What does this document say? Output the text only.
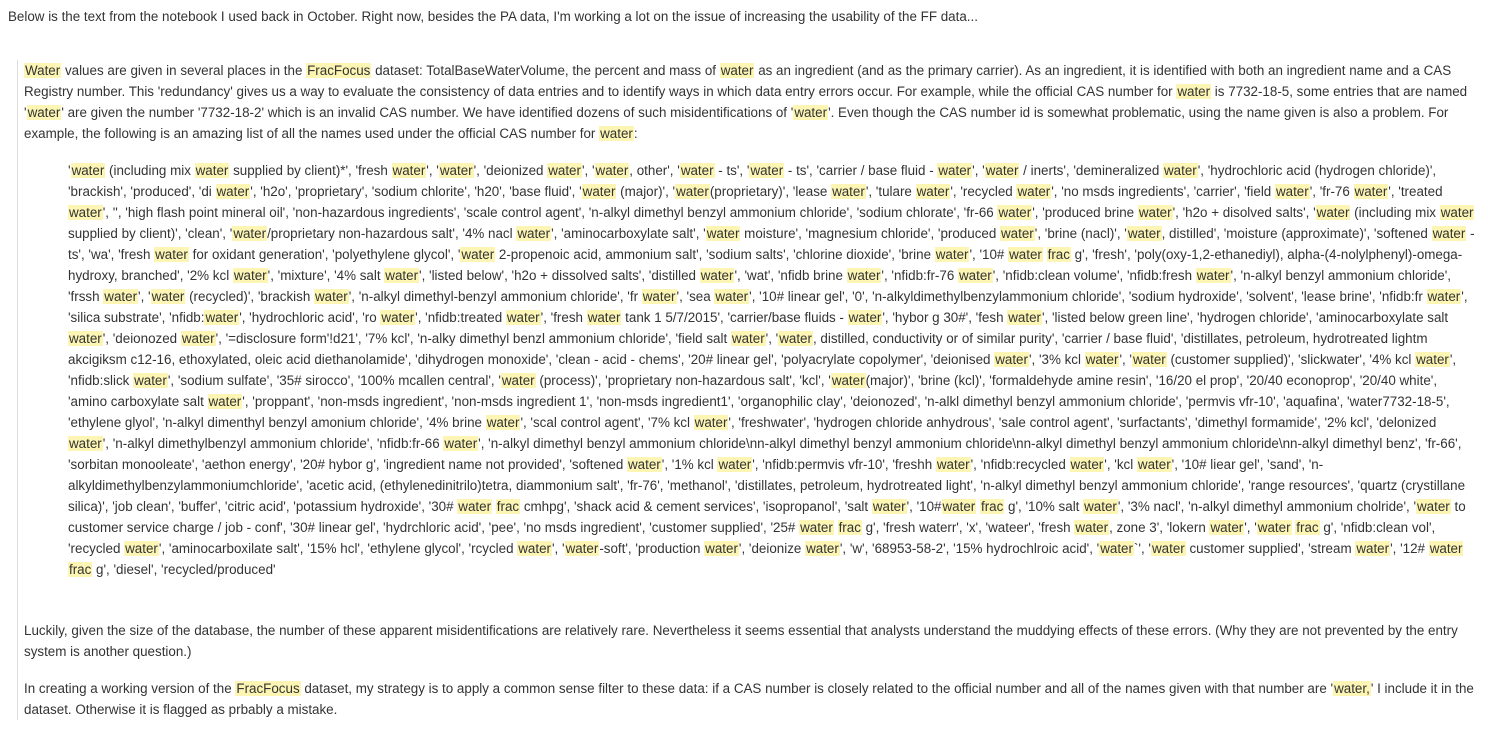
Below is the text from the notebook I used back in October. Right now, besides the PA data, I'm working a lot on the issue of increasing the usability of the FF data...

Water values are given in several places in the FracFocus dataset: TotalBaseWaterVolume, the percent and mass of water as an ingredient (and as the primary carrier). As an ingredient, it is identified with both an ingredient name and a CAS Registry number. This 'redundancy' gives us a way to evaluate the consistency of data entries and to identify ways in which data entry errors occur. For example, while the official CAS number for water is 7732-18-5, some entries that are named 'water' are given the number '7732-18-2' which is an invalid CAS number. We have identified dozens of such misidentifications of 'water'. Even though the CAS number id is somewhat problematic, using the name given is also a problem. For example, the following is an amazing list of all the names used under the official CAS number for water:

'water (including mix water supplied by client)*', 'fresh water', 'water', 'deionized water', 'water, other', 'water - ts', 'water - ts', 'carrier / base fluid - water', 'water / inerts', 'demineralized water', 'hydrochloric acid (hydrogen chloride)', 'brackish', 'produced', 'di water', 'h2o', 'proprietary', 'sodium chlorite', 'h20', 'base fluid', 'water (major)', 'water(proprietary)', 'lease water', 'tulare water', 'recycled water', 'no msds ingredients', 'carrier', 'field water', 'fr-76 water', 'treated water', '', 'high flash point mineral oil', 'non-hazardous ingredients', 'scale control agent', 'n-alkyl dimethyl benzyl ammonium chloride', 'sodium chlorate', 'fr-66 water', 'produced brine water', 'h2o + disolved salts', 'water (including mix water supplied by client)', 'clean', 'water/proprietary non-hazardous salt', '4% nacl water', 'aminocarboxylate salt', 'water moisture', 'magnesium chloride', 'produced water', 'brine (nacl)', 'water, distilled', 'moisture (approximate)', 'softened water - ts', 'wa', 'fresh water for oxidant generation', 'polyethylene glycol', 'water 2-propenoic acid, ammonium salt', 'sodium salts', 'chlorine dioxide', 'brine water', '10# water frac g', 'fresh', 'poly(oxy-1,2-ethanediyl), alpha-(4-nolylphenyl)-omega-hydroxy, branched', '2% kcl water', 'mixture', '4% salt water', 'listed below', 'h2o + dissolved salts', 'distilled water', 'wat', 'nfidb brine water', 'nfidb:fr-76 water', 'nfidb:clean volume', 'nfidb:fresh water', 'n-alkyl benzyl ammonium chloride', 'frssh water', 'water (recycled)', 'brackish water', 'n-alkyl dimethyl-benzyl ammonium chloride', 'fr water', 'sea water', '10# linear gel', '0', 'n-alkyldimethylbenzylammonium chloride', 'sodium hydroxide', 'solvent', 'lease brine', 'nfidb:fr water', 'silica substrate', 'nfidb:water', 'hydrochloric acid', 'ro water', 'nfidb:treated water', 'fresh water tank 1 5/7/2015', 'carrier/base fluids - water', 'hybor g 30#', 'fesh water', 'listed below green line', 'hydrogen chloride', 'aminocarboxylate salt water', 'deionozed water', '=disclosure form'!d21', '7% kcl', 'n-alky dimethyl benzl ammonium chloride', 'field salt water', 'water, distilled, conductivity or of similar purity', 'carrier / base fluid', 'distillates, petroleum, hydrotreated lightm akcigiksm c12-16, ethoxylated, oleic acid diethanolamide', 'dihydrogen monoxide', 'clean - acid - chems', '20# linear gel', 'polyacrylate copolymer', 'deionised water', '3% kcl water', 'water (customer supplied)', 'slickwater', '4% kcl water', 'nfidb:slick water', 'sodium sulfate', '35# sirocco', '100% mcallen central', 'water (process)', 'proprietary non-hazardous salt', 'kcl', 'water(major)', 'brine (kcl)', 'formaldehyde amine resin', '16/20 el prop', '20/40 econoprop', '20/40 white', 'amino carboxylate salt water', 'proppant', 'non-msds ingredient', 'non-msds ingredient 1', 'non-msds ingredient1', 'organophilic clay', 'deionozed', 'n-alkl dimethyl benzyl ammonium chloride', 'permvis vfr-10', 'aquafina', 'water7732-18-5', 'ethylene glyol', 'n-alkyl dimenthyl benzyl amonium chloride', '4% brine water', 'scal control agent', '7% kcl water', 'freshwater', 'hydrogen chloride anhydrous', 'sale control agent', 'surfactants', 'dimethyl formamide', '2% kcl', 'delonized water', 'n-alkyl dimethylbenzyl ammonium chloride', 'nfidb:fr-66 water', 'n-alkyl dimethyl benzyl ammonium chloride\nn-alkyl dimethyl benzyl ammonium chloride\nn-alkyl dimethyl benzyl ammonium chloride\nn-alkyl dimethyl benz', 'fr-66', 'sorbitan monooleate', 'aethon energy', '20# hybor g', 'ingredient name not provided', 'softened water', '1% kcl water', 'nfidb:permvis vfr-10', 'freshh water', 'nfidb:recycled water', 'kcl water', '10# liear gel', 'sand', 'n-alkyldimethylbenzylammoniumchloride', 'acetic acid, (ethylenedinitrilo)tetra, diammonium salt', 'fr-76', 'methanol', 'distillates, petroleum, hydrotreated light', 'n-alkyl dimethyl benzyl ammonium chloride', 'range resources', 'quartz (crystillane silica)', 'job clean', 'buffer', 'citric acid', 'potassium hydroxide', '30# water frac cmhpg', 'shack acid & cement services', 'isopropanol', 'salt water', '10#water frac g', '10% salt water', '3% nacl', 'n-alkyl dimethyl ammonium cholride', 'water to customer service charge / job - conf', '30# linear gel', 'hydrchloric acid', 'pee', 'no msds ingredient', 'customer supplied', '25# water frac g', 'fresh waterr', 'x', 'wateer', 'fresh water, zone 3', 'lokern water', 'water frac g', 'nfidb:clean vol', 'recycled water', 'aminocarboxilate salt', '15% hcl', 'ethylene glycol', 'rcycled water', 'water-soft', 'production water', 'deionize water', 'w', '68953-58-2', '15% hydrochlroic acid', 'water`', 'water customer supplied', 'stream water', '12# water frac g', 'diesel', 'recycled/produced'

Luckily, given the size of the database, the number of these apparent misidentifications are relatively rare. Nevertheless it seems essential that analysts understand the muddying effects of these errors. (Why they are not prevented by the entry system is another question.)

In creating a working version of the FracFocus dataset, my strategy is to apply a common sense filter to these data: if a CAS number is closely related to the official number and all of the names given with that number are 'water,' I include it in the dataset. Otherwise it is flagged as prbably a mistake.
